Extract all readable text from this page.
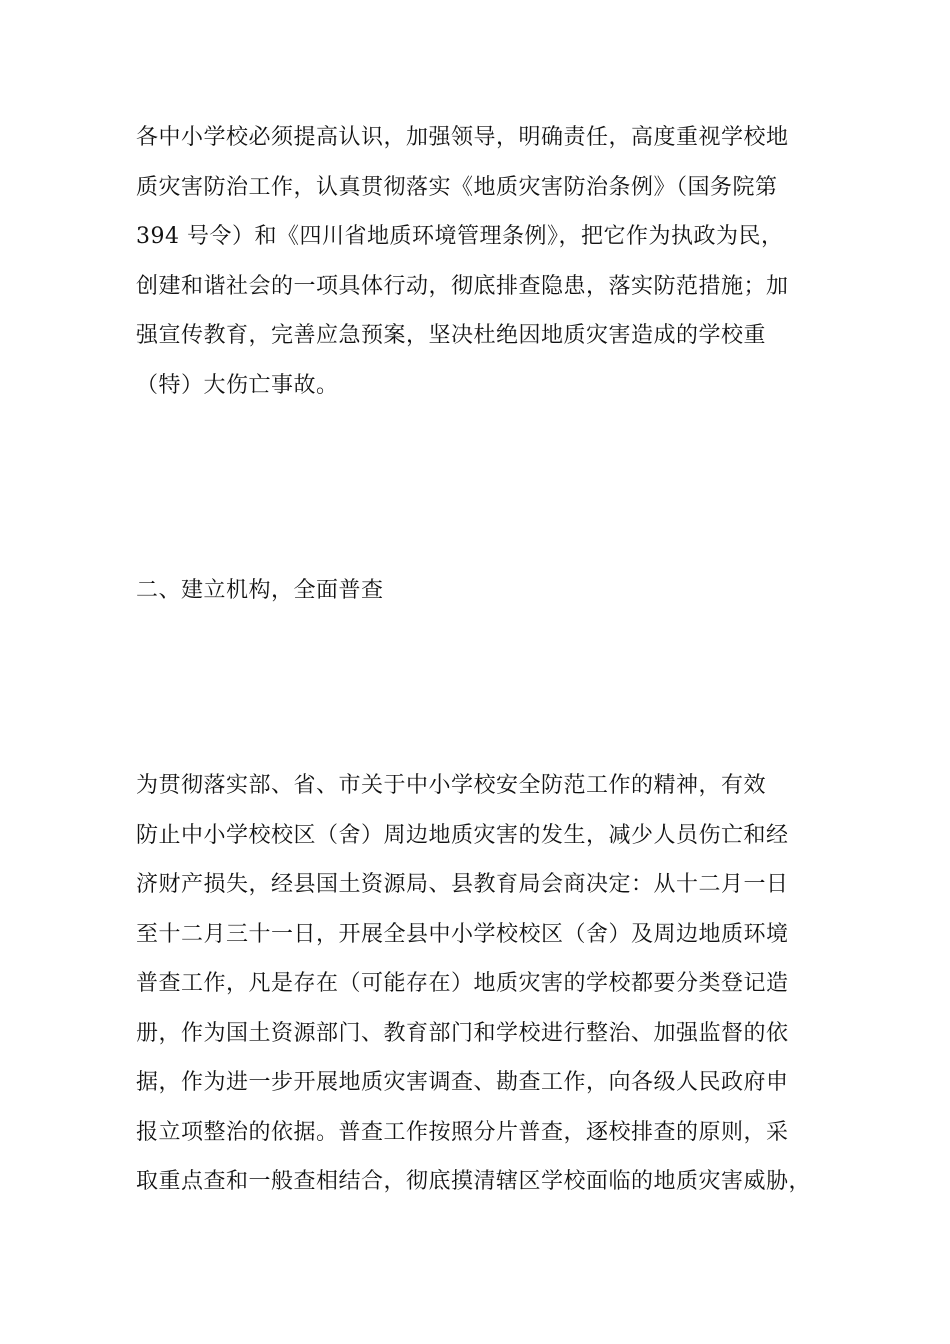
各中小学校必须提高认识，加强领导，明确责任，高度重视学校地
质灾害防治工作，认真贯彻落实《地质灾害防治条例》（国务院第
394 号令）和《四川省地质环境管理条例》，把它作为执政为民，
创建和谐社会的一项具体行动，彻底排查隐患，落实防范措施；加
强宣传教育，完善应急预案，坚决杜绝因地质灾害造成的学校重
（特）大伤亡事故。
二、建立机构，全面普查
为贯彻落实部、省、市关于中小学校安全防范工作的精神，有效
防止中小学校校区（舍）周边地质灾害的发生，减少人员伤亡和经
济财产损失，经县国土资源局、县教育局会商决定：从十二月一日
至十二月三十一日，开展全县中小学校校区（舍）及周边地质环境
普查工作，凡是存在（可能存在）地质灾害的学校都要分类登记造
册，作为国土资源部门、教育部门和学校进行整治、加强监督的依
据，作为进一步开展地质灾害调查、勘查工作，向各级人民政府申
报立项整治的依据。普查工作按照分片普查，逐校排查的原则，采
取重点查和一般查相结合，彻底摸清辖区学校面临的地质灾害威胁，
